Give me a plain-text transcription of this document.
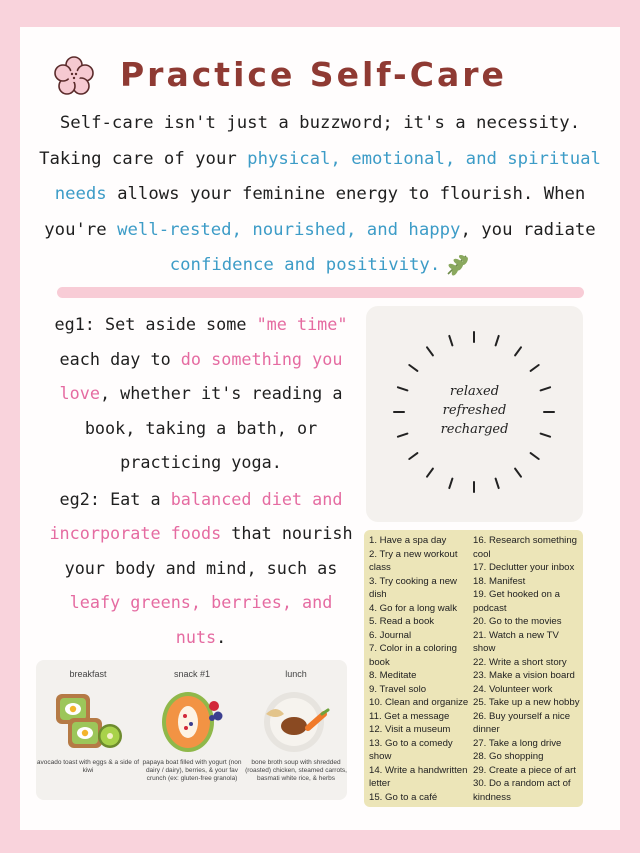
Practice Self-Care
Self-care isn't just a buzzword; it's a necessity. Taking care of your physical, emotional, and spiritual needs allows your feminine energy to flourish. When you're well-rested, nourished, and happy, you radiate confidence and positivity.
eg1: Set aside some "me time" each day to do something you love, whether it's reading a book, taking a bath, or practicing yoga.
eg2: Eat a balanced diet and incorporate foods that nourish your body and mind, such as leafy greens, berries, and nuts.
relaxed
refreshed
recharged
breakfast
avocado toast with eggs & a side of kiwi
snack #1
papaya boat filled with yogurt (non dairy / dairy), berries, & your fav crunch (ex: gluten-free granola)
lunch
bone broth soup with shredded (roasted) chicken, steamed carrots, basmati white rice, & herbs
1. Have a spa day
2. Try a new workout class
3. Try cooking a new dish
4. Go for a long walk
5. Read a book
6. Journal
7. Color in a coloring book
8. Meditate
9. Travel solo
10. Clean and organize
11. Get a message
12. Visit a museum
13. Go to a comedy show
14. Write a handwritten letter
15. Go to a café
16. Research something cool
17. Declutter your inbox
18. Manifest
19. Get hooked on a podcast
20. Go to the movies
21. Watch a new TV show
22. Write a short story
23. Make a vision board
24. Volunteer work
25. Take up a new hobby
26. Buy yourself a nice dinner
27. Take a long drive
28. Go shopping
29. Create a piece of art
30. Do a random act of kindness
